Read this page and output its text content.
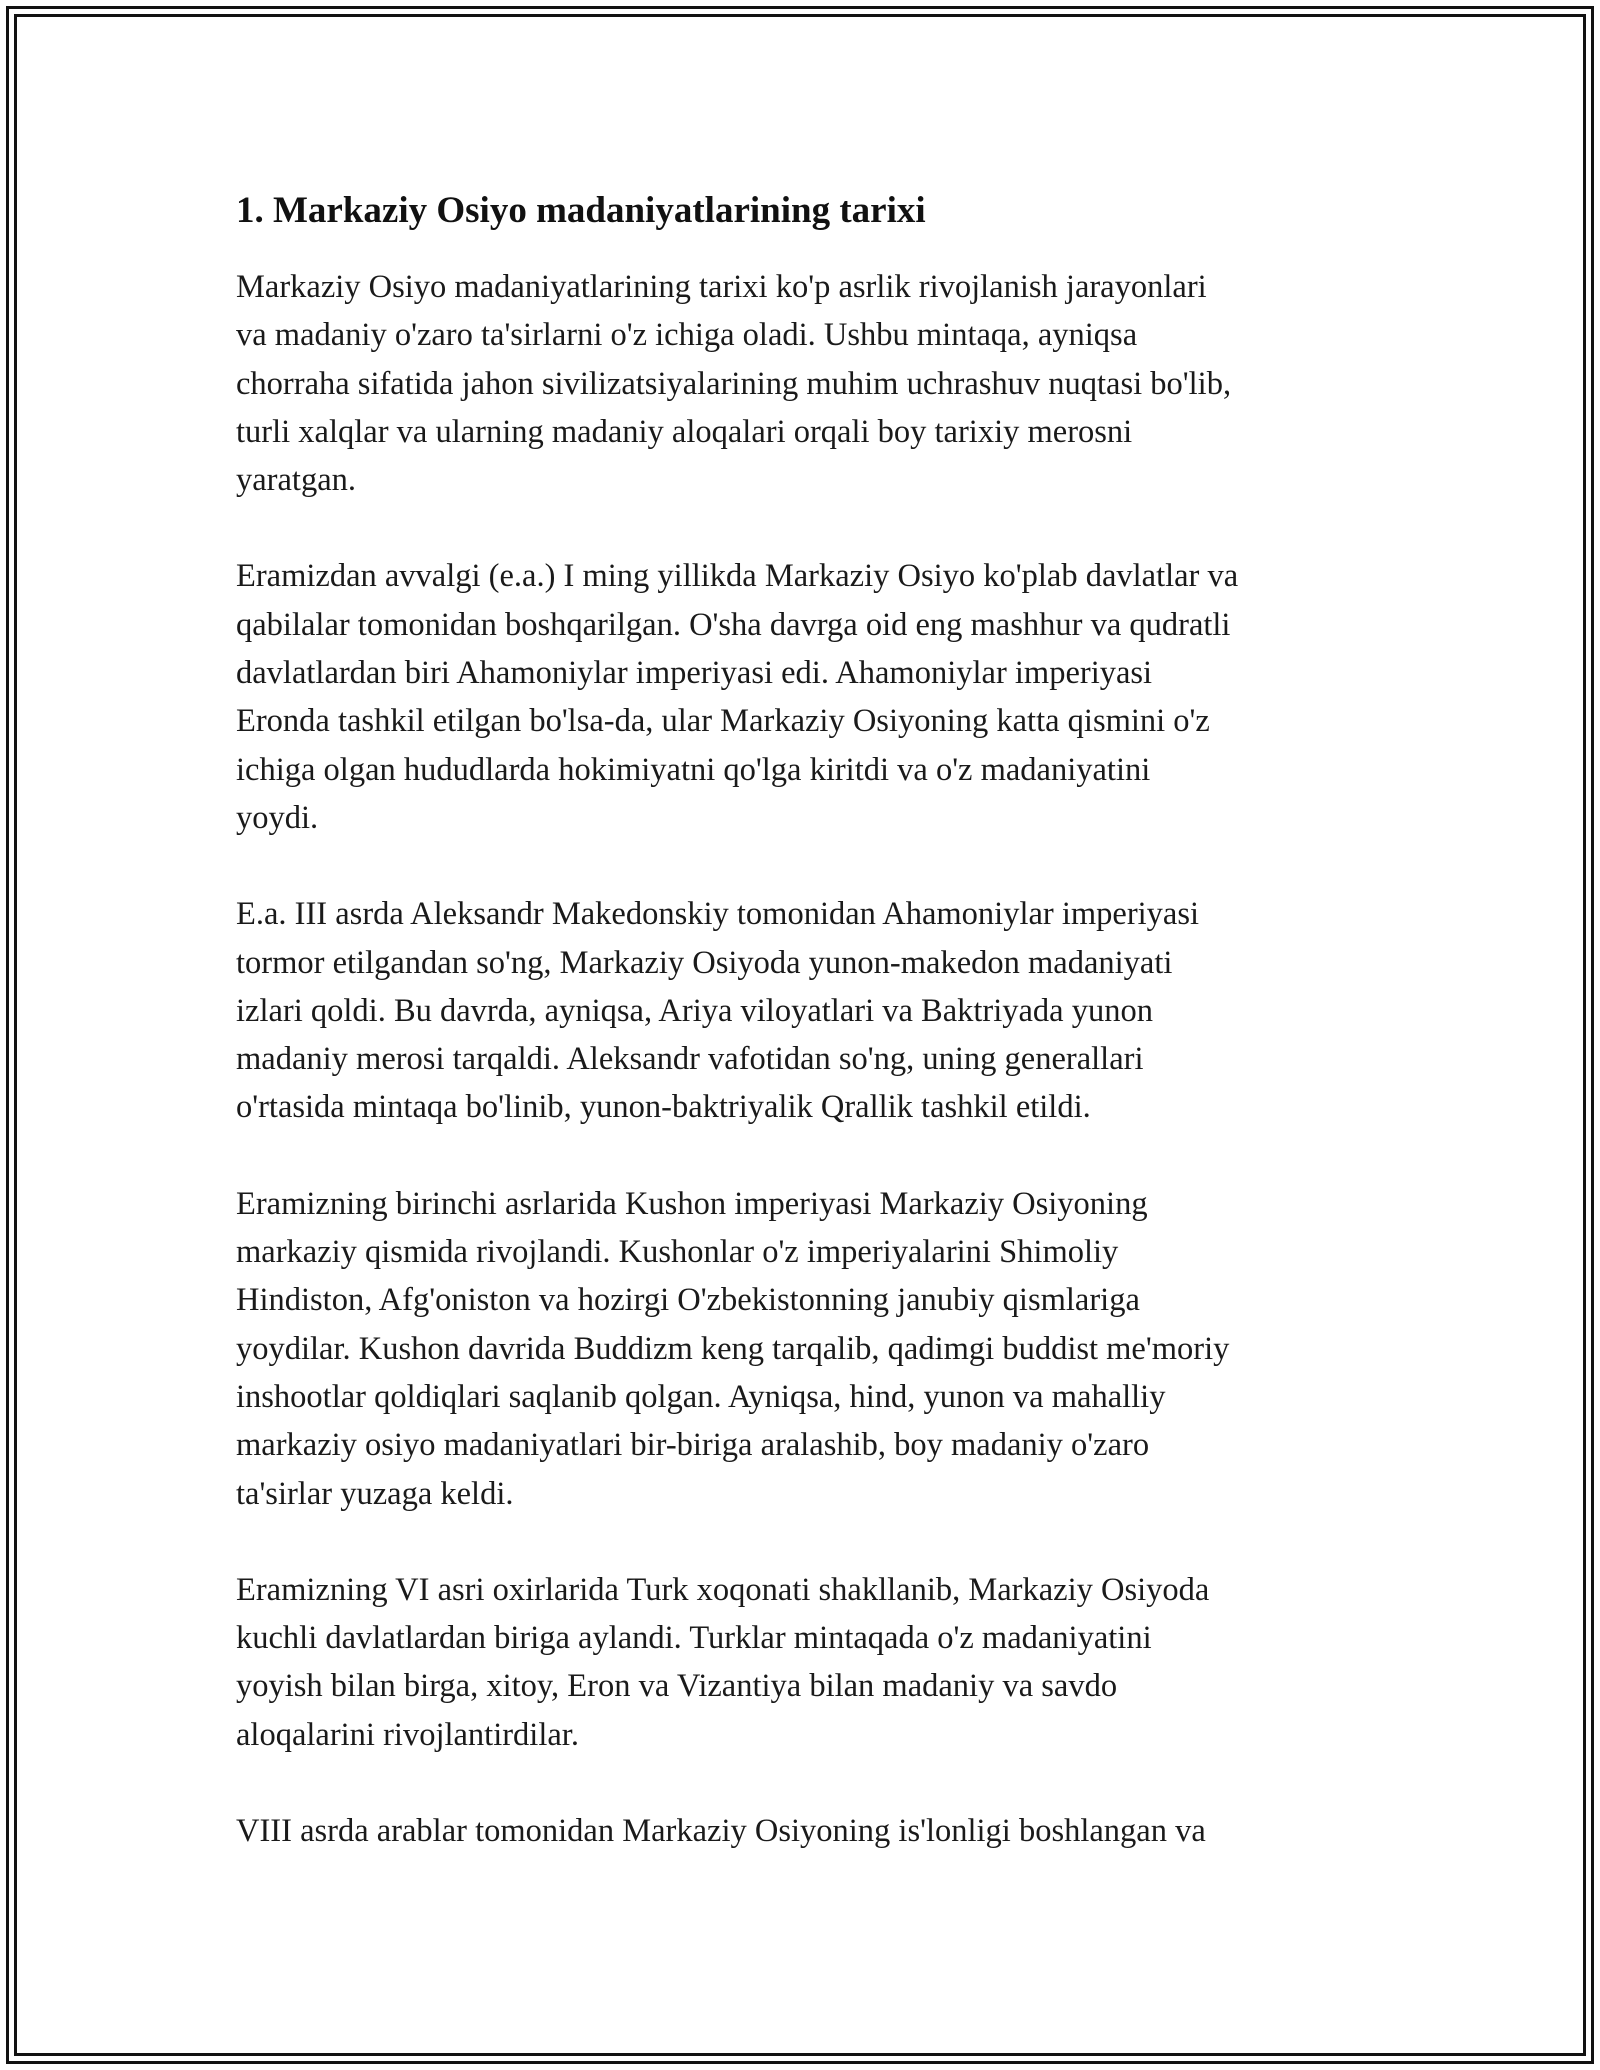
1. Markaziy Osiyo madaniyatlarining tarixi

Markaziy Osiyo madaniyatlarining tarixi ko'p asrlik rivojlanish jarayonlari
va madaniy o'zaro ta'sirlarni o'z ichiga oladi. Ushbu mintaqa, ayniqsa
chorraha sifatida jahon sivilizatsiyalarining muhim uchrashuv nuqtasi bo'lib,
turli xalqlar va ularning madaniy aloqalari orqali boy tarixiy merosni
yaratgan.

Eramizdan avvalgi (e.a.) I ming yillikda Markaziy Osiyo ko'plab davlatlar va
qabilalar tomonidan boshqarilgan. O'sha davrga oid eng mashhur va qudratli
davlatlardan biri Ahamoniylar imperiyasi edi. Ahamoniylar imperiyasi
Eronda tashkil etilgan bo'lsa-da, ular Markaziy Osiyoning katta qismini o'z
ichiga olgan hududlarda hokimiyatni qo'lga kiritdi va o'z madaniyatini
yoydi.

E.a. III asrda Aleksandr Makedonskiy tomonidan Ahamoniylar imperiyasi
tormor etilgandan so'ng, Markaziy Osiyoda yunon-makedon madaniyati
izlari qoldi. Bu davrda, ayniqsa, Ariya viloyatlari va Baktriyada yunon
madaniy merosi tarqaldi. Aleksandr vafotidan so'ng, uning generallari
o'rtasida mintaqa bo'linib, yunon-baktriyalik Qrallik tashkil etildi.

Eramizning birinchi asrlarida Kushon imperiyasi Markaziy Osiyoning
markaziy qismida rivojlandi. Kushonlar o'z imperiyalarini Shimoliy
Hindiston, Afg'oniston va hozirgi O'zbekistonning janubiy qismlariga
yoydilar. Kushon davrida Buddizm keng tarqalib, qadimgi buddist me'moriy
inshootlar qoldiqlari saqlanib qolgan. Ayniqsa, hind, yunon va mahalliy
markaziy osiyo madaniyatlari bir-biriga aralashib, boy madaniy o'zaro
ta'sirlar yuzaga keldi.

Eramizning VI asri oxirlarida Turk xoqonati shakllanib, Markaziy Osiyoda
kuchli davlatlardan biriga aylandi. Turklar mintaqada o'z madaniyatini
yoyish bilan birga, xitoy, Eron va Vizantiya bilan madaniy va savdo
aloqalarini rivojlantirdilar.

VIII asrda arablar tomonidan Markaziy Osiyoning is'lonligi boshlangan va
